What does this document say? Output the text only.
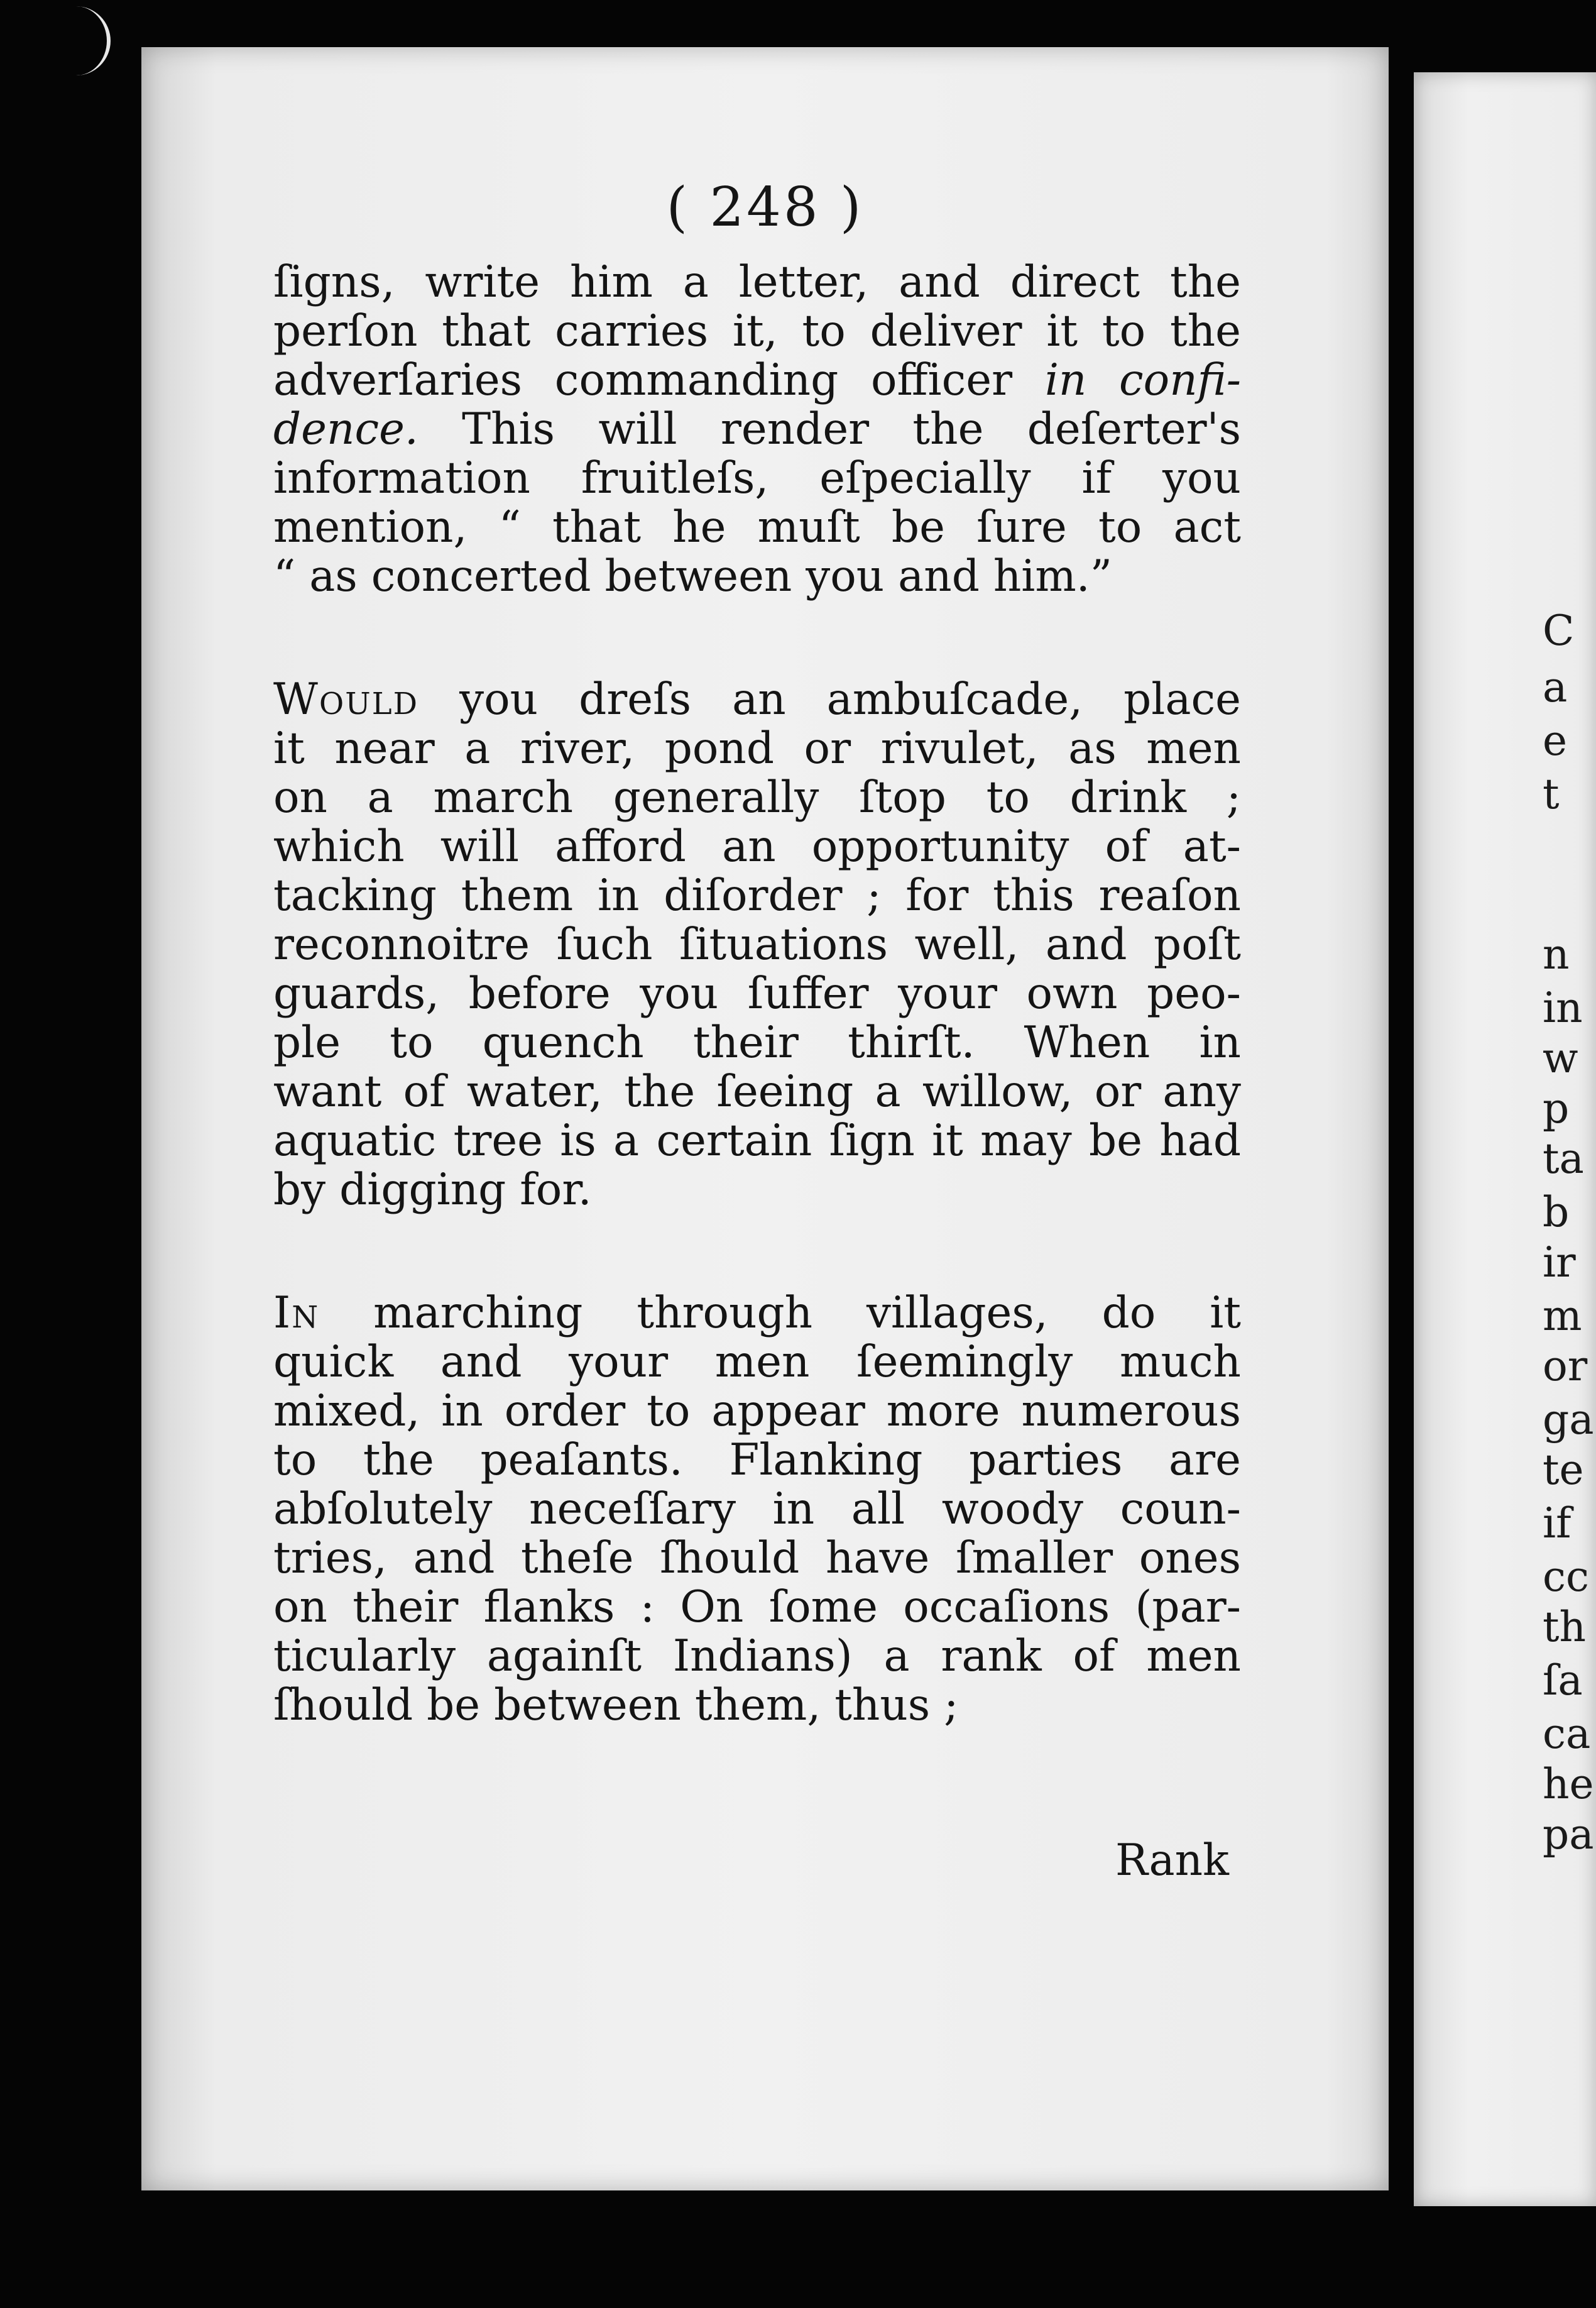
( 248 )
ſigns, write him a letter, and direct the
perſon that carries it, to deliver it to the
adverſaries commanding officer in confi-
dence. This will render the deſerter's
information fruitleſs, eſpecially if you
mention, “ that he muſt be ſure to act
“ as concerted between you and him.”
Would you dreſs an ambuſcade, place
it near a river, pond or rivulet, as men
on a march generally ſtop to drink ;
which will afford an opportunity of at-
tacking them in diſorder ; for this reaſon
reconnoitre ſuch ſituations well, and poſt
guards, before you ſuffer your own peo-
ple to quench their thirſt. When in
want of water, the ſeeing a willow, or any
aquatic tree is a certain ſign it may be had
by digging for.
In marching through villages, do it
quick and your men ſeemingly much
mixed, in order to appear more numerous
to the peaſants. Flanking parties are
abſolutely neceſſary in all woody coun-
tries, and theſe ſhould have ſmaller ones
on their flanks : On ſome occaſions (par-
ticularly againſt Indians) a rank of men
ſhould be between them, thus ;
Rank
C
a
e
t
n
in
w
p
ta
b
ir
m
or
ga
te
if
cc
th
ſa
ca
he
pa
